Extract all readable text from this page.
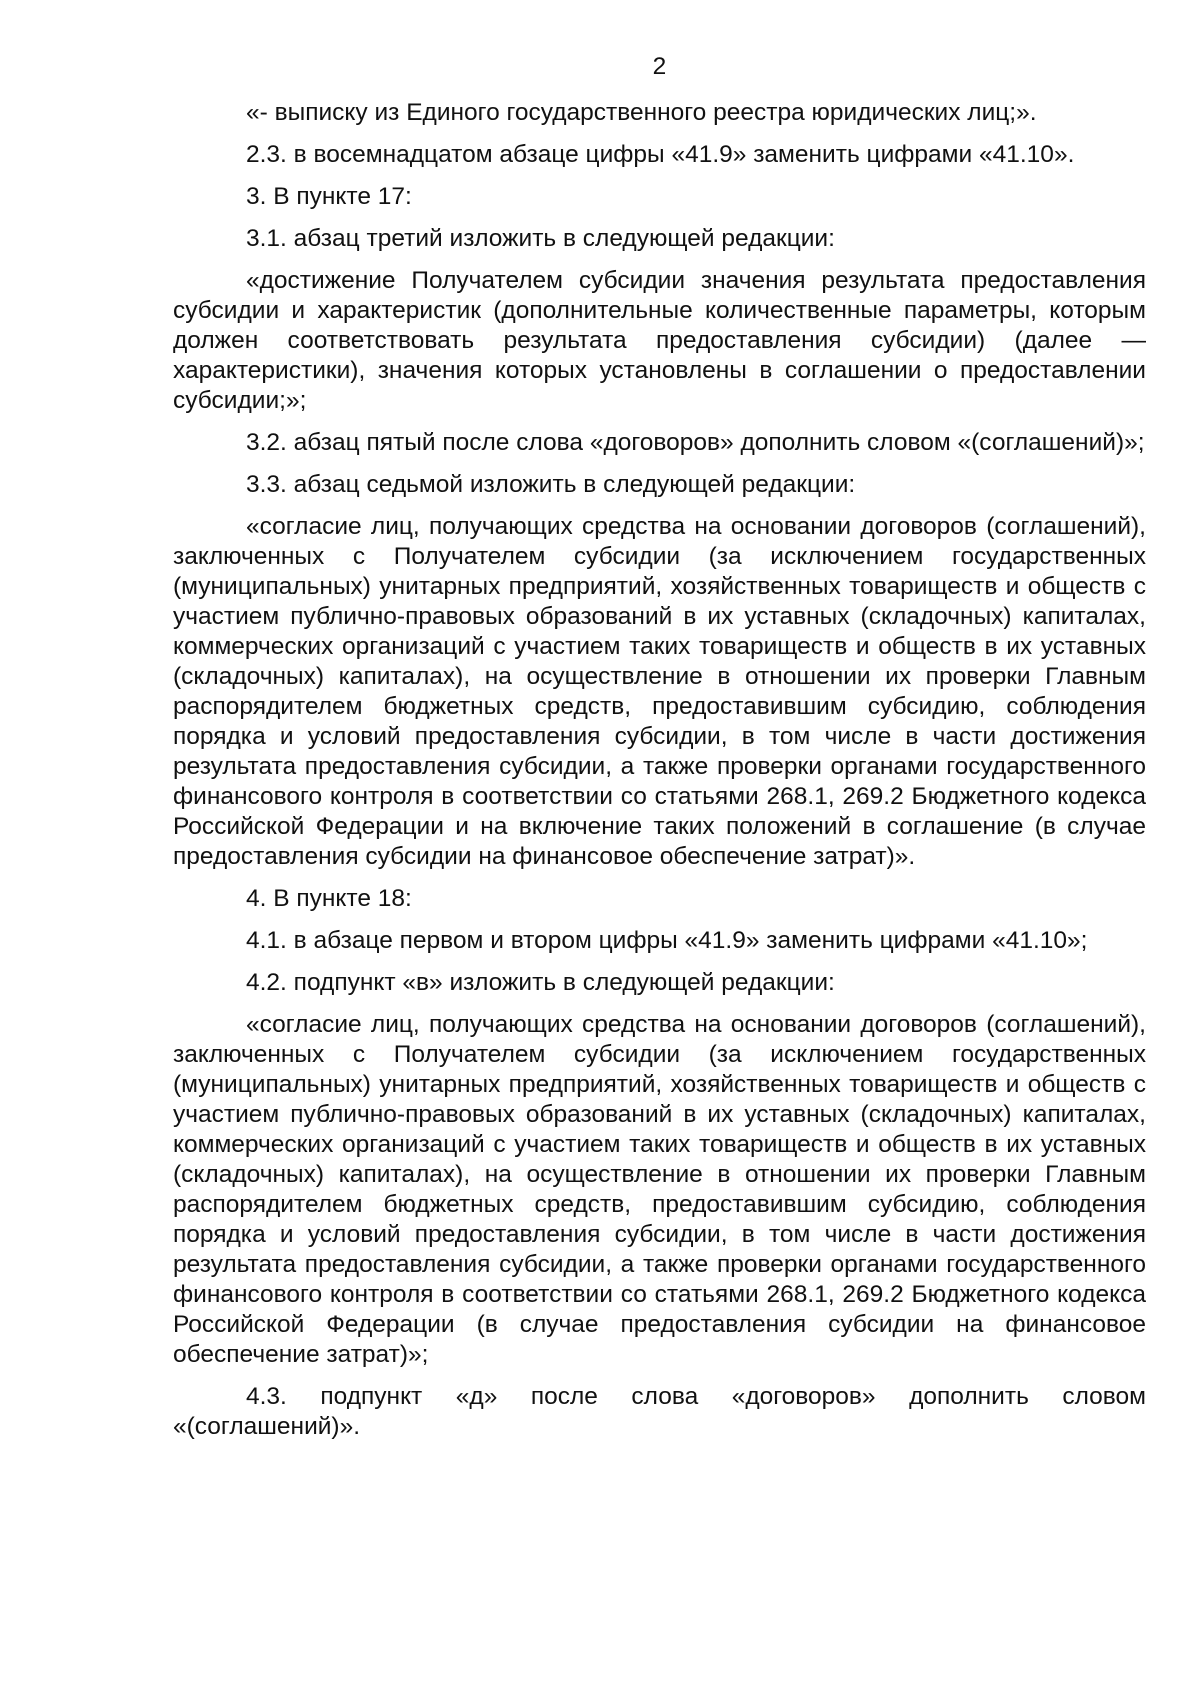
2

«- выписку из Единого государственного реестра юридических лиц;».

2.3. в восемнадцатом абзаце цифры «41.9» заменить цифрами «41.10».

3. В пункте 17:

3.1. абзац третий изложить в следующей редакции:

«достижение Получателем субсидии значения результата предоставления субсидии и характеристик (дополнительные количественные параметры, которым должен соответствовать результата предоставления субсидии) (далее — характеристики), значения которых установлены в соглашении о предоставлении субсидии;»;

3.2. абзац пятый после слова «договоров» дополнить словом «(соглашений)»;

3.3. абзац седьмой изложить в следующей редакции:

«согласие лиц, получающих средства на основании договоров (соглашений), заключенных с Получателем субсидии (за исключением государственных (муниципальных) унитарных предприятий, хозяйственных товариществ и обществ с участием публично-правовых образований в их уставных (складочных) капиталах, коммерческих организаций с участием таких товариществ и обществ в их уставных (складочных) капиталах), на осуществление в отношении их проверки Главным распорядителем бюджетных средств, предоставившим субсидию, соблюдения порядка и условий предоставления субсидии, в том числе в части достижения результата предоставления субсидии, а также проверки органами государственного финансового контроля в соответствии со статьями 268.1, 269.2 Бюджетного кодекса Российской Федерации и на включение таких положений в соглашение (в случае предоставления субсидии на финансовое обеспечение затрат)».

4. В пункте 18:

4.1. в абзаце первом и втором цифры «41.9» заменить цифрами «41.10»;

4.2. подпункт «в» изложить в следующей редакции:

«согласие лиц, получающих средства на основании договоров (соглашений), заключенных с Получателем субсидии (за исключением государственных (муниципальных) унитарных предприятий, хозяйственных товариществ и обществ с участием публично-правовых образований в их уставных (складочных) капиталах, коммерческих организаций с участием таких товариществ и обществ в их уставных (складочных) капиталах), на осуществление в отношении их проверки Главным распорядителем бюджетных средств, предоставившим субсидию, соблюдения порядка и условий предоставления субсидии, в том числе в части достижения результата предоставления субсидии, а также проверки органами государственного финансового контроля в соответствии со статьями 268.1, 269.2 Бюджетного кодекса Российской Федерации (в случае предоставления субсидии на финансовое обеспечение затрат)»;

4.3. подпункт «д» после слова «договоров» дополнить словом «(соглашений)».
